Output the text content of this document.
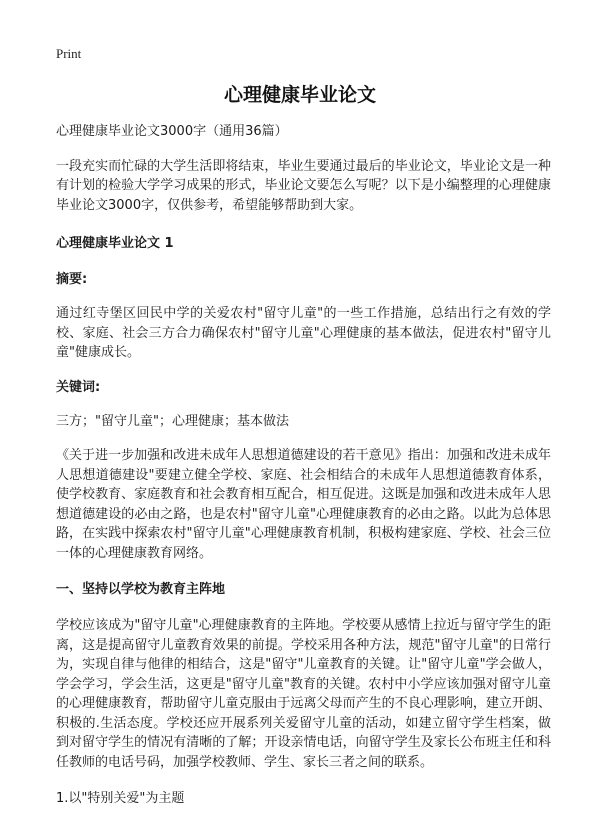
Print
心理健康毕业论文

心理健康毕业论文3000字（通用36篇）

一段充实而忙碌的大学生活即将结束，毕业生要通过最后的毕业论文，毕业论文是一种有计划的检验大学学习成果的形式，毕业论文要怎么写呢？以下是小编整理的心理健康毕业论文3000字，仅供参考，希望能够帮助到大家。

心理健康毕业论文 1

摘要:

通过红寺堡区回民中学的关爱农村"留守儿童"的一些工作措施，总结出行之有效的学校、家庭、社会三方合力确保农村"留守儿童"心理健康的基本做法，促进农村"留守儿童"健康成长。

关键词:

三方；"留守儿童"；心理健康；基本做法

《关于进一步加强和改进未成年人思想道德建设的若干意见》指出：加强和改进未成年人思想道德建设"要建立健全学校、家庭、社会相结合的未成年人思想道德教育体系，使学校教育、家庭教育和社会教育相互配合，相互促进。这既是加强和改进未成年人思想道德建设的必由之路，也是农村"留守儿童"心理健康教育的必由之路。以此为总体思路，在实践中探索农村"留守儿童"心理健康教育机制，积极构建家庭、学校、社会三位一体的心理健康教育网络。

一、坚持以学校为教育主阵地

学校应该成为"留守儿童"心理健康教育的主阵地。学校要从感情上拉近与留守学生的距离，这是提高留守儿童教育效果的前提。学校采用各种方法，规范"留守儿童"的日常行为，实现自律与他律的相结合，这是"留守"儿童教育的关键。让"留守儿童"学会做人，学会学习，学会生活，这更是"留守儿童"教育的关键。农村中小学应该加强对留守儿童的心理健康教育，帮助留守儿童克服由于远离父母而产生的不良心理影响，建立开朗、积极的.生活态度。学校还应开展系列关爱留守儿童的活动，如建立留守学生档案，做到对留守学生的情况有清晰的了解；开设亲情电话，向留守学生及家长公布班主任和科任教师的电话号码，加强学校教师、学生、家长三者之间的联系。

1.以"特别关爱"为主题
